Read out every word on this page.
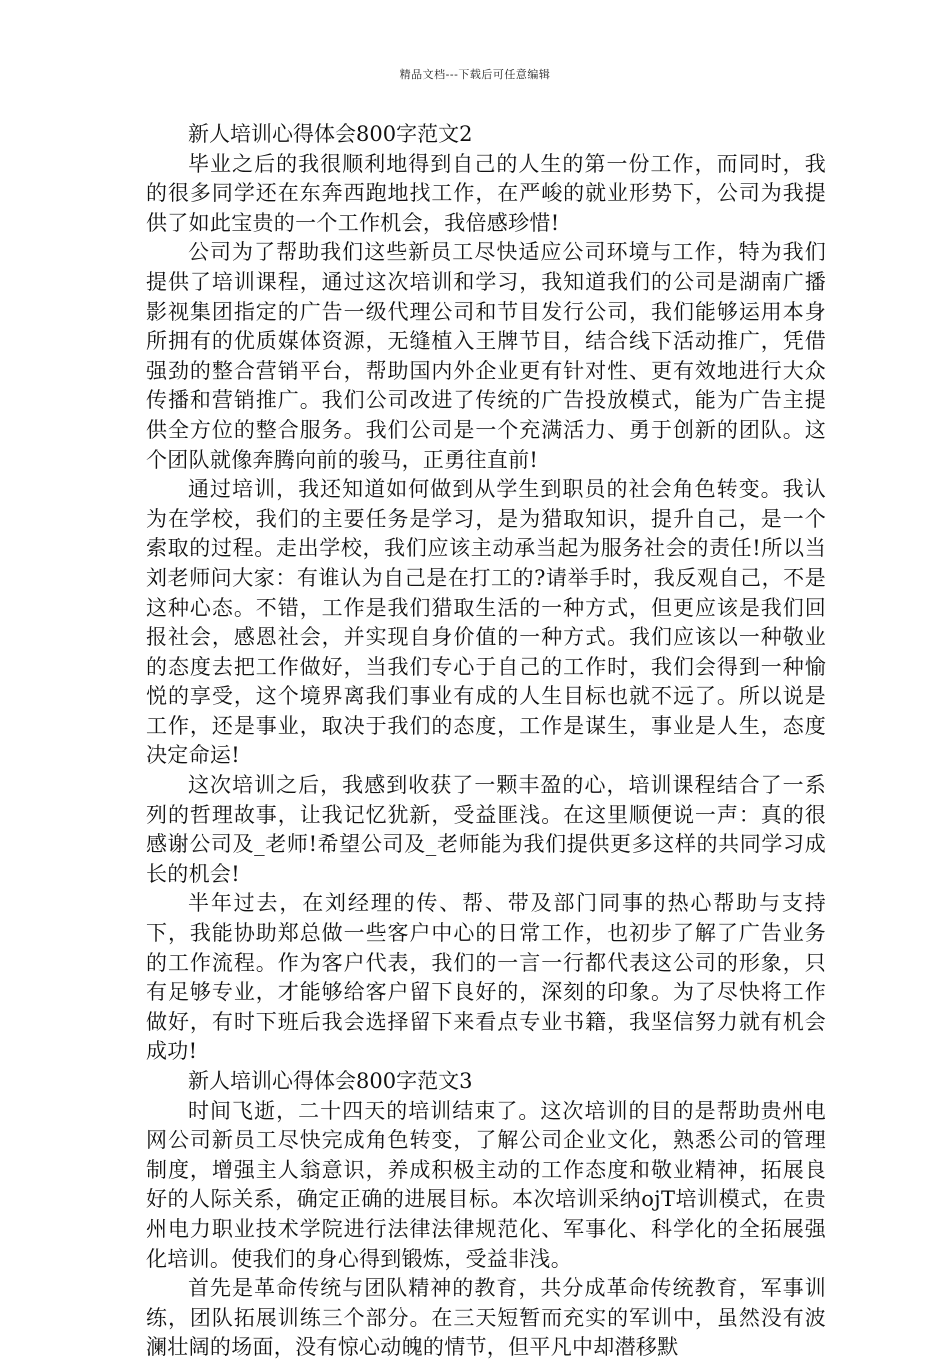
精品文档---下载后可任意编辑

新人培训心得体会800字范文2

毕业之后的我很顺利地得到自己的人生的第一份工作，而同时，我的很多同学还在东奔西跑地找工作，在严峻的就业形势下，公司为我提供了如此宝贵的一个工作机会，我倍感珍惜!

公司为了帮助我们这些新员工尽快适应公司环境与工作，特为我们提供了培训课程，通过这次培训和学习，我知道我们的公司是湖南广播影视集团指定的广告一级代理公司和节目发行公司，我们能够运用本身所拥有的优质媒体资源，无缝植入王牌节目，结合线下活动推广，凭借强劲的整合营销平台，帮助国内外企业更有针对性、更有效地进行大众传播和营销推广。我们公司改进了传统的广告投放模式，能为广告主提供全方位的整合服务。我们公司是一个充满活力、勇于创新的团队。这个团队就像奔腾向前的骏马，正勇往直前!

通过培训，我还知道如何做到从学生到职员的社会角色转变。我认为在学校，我们的主要任务是学习，是为猎取知识，提升自己，是一个索取的过程。走出学校，我们应该主动承当起为服务社会的责任!所以当刘老师问大家：有谁认为自己是在打工的?请举手时，我反观自己，不是这种心态。不错，工作是我们猎取生活的一种方式，但更应该是我们回报社会，感恩社会，并实现自身价值的一种方式。我们应该以一种敬业的态度去把工作做好，当我们专心于自己的工作时，我们会得到一种愉悦的享受，这个境界离我们事业有成的人生目标也就不远了。所以说是工作，还是事业，取决于我们的态度，工作是谋生，事业是人生，态度决定命运!

这次培训之后，我感到收获了一颗丰盈的心，培训课程结合了一系列的哲理故事，让我记忆犹新，受益匪浅。在这里顺便说一声：真的很感谢公司及_老师!希望公司及_老师能为我们提供更多这样的共同学习成长的机会!

半年过去，在刘经理的传、帮、带及部门同事的热心帮助与支持下，我能协助郑总做一些客户中心的日常工作，也初步了解了广告业务的工作流程。作为客户代表，我们的一言一行都代表这公司的形象，只有足够专业，才能够给客户留下良好的，深刻的印象。为了尽快将工作做好，有时下班后我会选择留下来看点专业书籍，我坚信努力就有机会成功!

新人培训心得体会800字范文3

时间飞逝，二十四天的培训结束了。这次培训的目的是帮助贵州电网公司新员工尽快完成角色转变，了解公司企业文化，熟悉公司的管理制度，增强主人翁意识，养成积极主动的工作态度和敬业精神，拓展良好的人际关系，确定正确的进展目标。本次培训采纳ojT培训模式，在贵州电力职业技术学院进行法律法律规范化、军事化、科学化的全拓展强化培训。使我们的身心得到锻炼，受益非浅。

首先是革命传统与团队精神的教育，共分成革命传统教育，军事训练，团队拓展训练三个部分。在三天短暂而充实的军训中，虽然没有波澜壮阔的场面，没有惊心动魄的情节，但平凡中却潜移默
